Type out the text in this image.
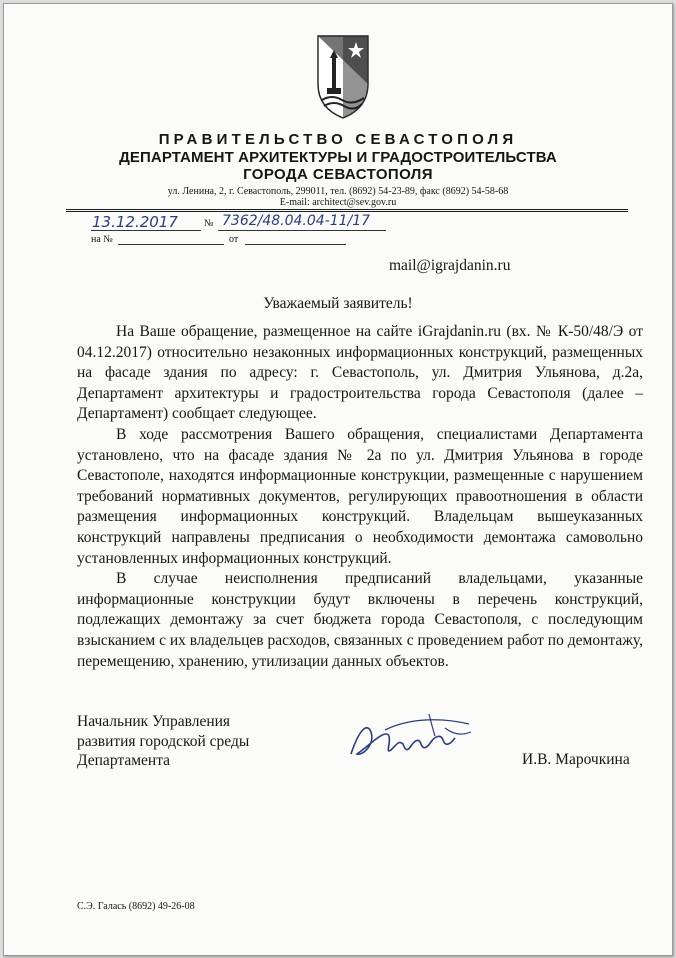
ПРАВИТЕЛЬСТВО СЕВАСТОПОЛЯ
ДЕПАРТАМЕНТ АРХИТЕКТУРЫ И ГРАДОСТРОИТЕЛЬСТВА
ГОРОДА СЕВАСТОПОЛЯ
ул. Ленина, 2, г. Севастополь, 299011, тел. (8692) 54-23-89, факс (8692) 54-58-68
E-mail: architect@sev.gov.ru
№
13.12.2017	7362/48.04.04-11/17
на №	от
mail@igrajdanin.ru
Уважаемый заявитель!

На Ваше обращение, размещенное на сайте iGrajdanin.ru (вх. № К-50/48/Э от 04.12.2017) относительно незаконных информационных конструкций, размещенных на фасаде здания по адресу: г. Севастополь, ул. Дмитрия Ульянова, д.2а, Департамент архитектуры и градостроительства города Севастополя (далее – Департамент) сообщает следующее.

В ходе рассмотрения Вашего обращения, специалистами Департамента установлено, что на фасаде здания № 2а по ул. Дмитрия Ульянова в городе Севастополе, находятся информационные конструкции, размещенные с нарушением требований нормативных документов, регулирующих правоотношения в области размещения информационных конструкций. Владельцам вышеуказанных конструкций направлены предписания о необходимости демонтажа самовольно установленных информационных конструкций.

В случае неисполнения предписаний владельцами, указанные информационные конструкции будут включены в перечень конструкций, подлежащих демонтажу за счет бюджета города Севастополя, с последующим взысканием с их владельцев расходов, связанных с проведением работ по демонтажу, перемещению, хранению, утилизации данных объектов.

Начальник Управления
развития городской среды
Департамента	И.В. Марочкина
С.Э. Галась (8692) 49-26-08
